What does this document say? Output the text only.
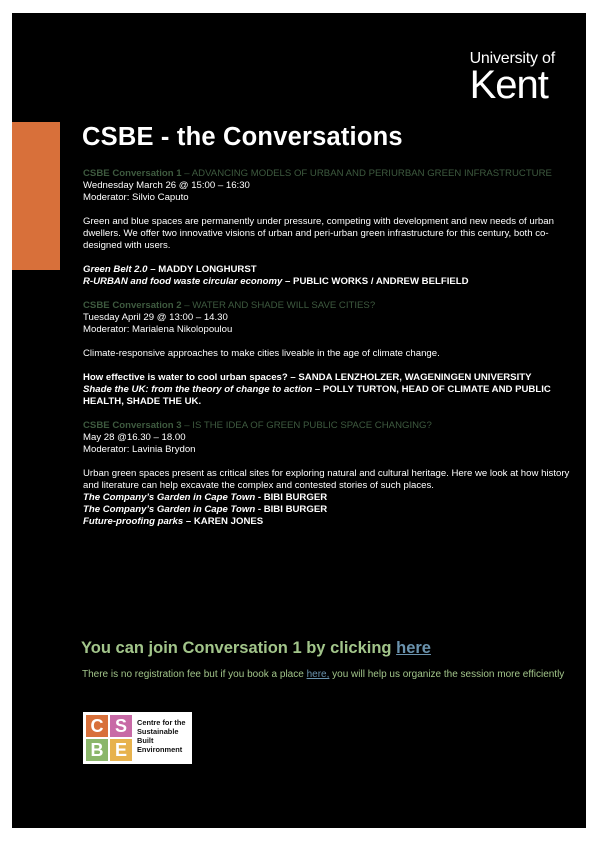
University of
Kent
CSBE - the Conversations

CSBE Conversation 1 – ADVANCING MODELS OF URBAN AND PERIURBAN GREEN INFRASTRUCTURE

Wednesday March 26 @ 15:00 – 16:30

Moderator: Silvio Caputo

Green and blue spaces are permanently under pressure, competing with development and new needs of urban dwellers. We offer two innovative visions of urban and peri-urban green infrastructure for this century, both co-designed with users.

Green Belt 2.0 – MADDY LONGHURST

R-URBAN and food waste circular economy – PUBLIC WORKS / ANDREW BELFIELD

CSBE Conversation 2 – WATER AND SHADE WILL SAVE CITIES?

Tuesday April 29 @ 13:00 – 14.30

Moderator: Marialena Nikolopoulou

Climate-responsive approaches to make cities liveable in the age of climate change.

How effective is water to cool urban spaces? – SANDA LENZHOLZER, WAGENINGEN UNIVERSITY

Shade the UK: from the theory of change to action – POLLY TURTON, HEAD OF CLIMATE AND PUBLIC HEALTH, SHADE THE UK.

CSBE Conversation 3 – IS THE IDEA OF GREEN PUBLIC SPACE CHANGING?

May 28 @16.30 – 18.00

Moderator: Lavinia Brydon

Urban green spaces present as critical sites for exploring natural and cultural heritage. Here we look at how history and literature can help excavate the complex and contested stories of such places.

The Company’s Garden in Cape Town - BIBI BURGER

The Company’s Garden in Cape Town - BIBI BURGER

Future-proofing parks – KAREN JONES

You can join Conversation 1 by clicking here

There is no registration fee but if you book a place here, you will help us organize the session more efficiently

C S
B E
Centre for the
Sustainable
Built
Environment
